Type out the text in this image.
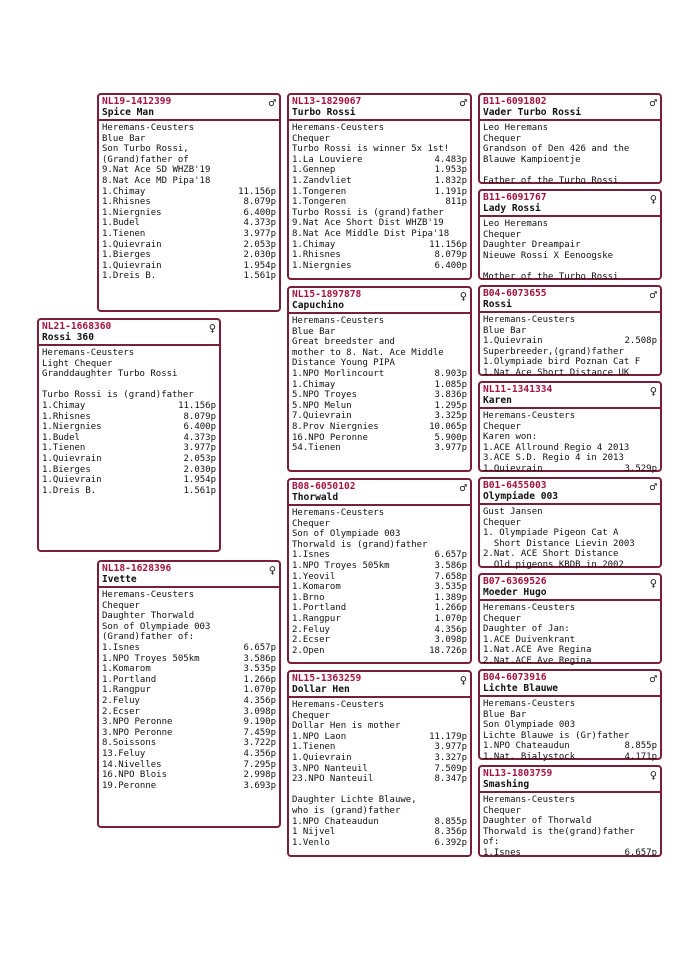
NL19-1412399
Spice Man
♂
Heremans-Ceusters
Blue Bar
Son Turbo Rossi,
(Grand)father of
9.Nat Ace SD WHZB'19
8.Nat Ace MD Pipa'18
1.Chimay	11.156p
1.Rhisnes	8.079p
1.Niergnies	6.400p
1.Budel	4.373p
1.Tienen	3.977p
1.Quievrain	2.053p
1.Bierges	2.030p
1.Quievrain	1.954p
1.Dreis B.	1.561p
NL21-1668360
Rossi 360
♀
Heremans-Ceusters
Light Chequer
Granddaughter Turbo Rossi

Turbo Rossi is (grand)father
1.Chimay	11.156p
1.Rhisnes	8.079p
1.Niergnies	6.400p
1.Budel	4.373p
1.Tienen	3.977p
1.Quievrain	2.053p
1.Bierges	2.030p
1.Quievrain	1.954p
1.Dreis B.	1.561p
NL18-1628396
Ivette
♀
Heremans-Ceusters
Chequer
Daughter Thorwald
Son of Olympiade 003
(Grand)father of:
1.Isnes	6.657p
1.NPO Troyes 505km	3.586p
1.Komarom	3.535p
1.Portland	1.266p
1.Rangpur	1.070p
2.Feluy	4.356p
2.Ecser	3.098p
3.NPO Peronne	9.190p
3.NPO Peronne	7.459p
8.Soissons	3.722p
13.Feluy	4.356p
14.Nivelles	7.295p
16.NPO Blois	2.998p
19.Peronne	3.693p
NL13-1829067
Turbo Rossi
♂
Heremans-Ceusters
Chequer
Turbo Rossi is winner 5x 1st!
1.La Louviere	4.483p
1.Gennep	1.953p
1.Zandvliet	1.832p
1.Tongeren	1.191p
1.Tongeren	811p
Turbo Rossi is (grand)father
9.Nat Ace Short Dist WHZB'19
8.Nat Ace Middle Dist Pipa'18
1.Chimay	11.156p
1.Rhisnes	8.079p
1.Niergnies	6.400p
NL15-1897878
Capuchino
♀
Heremans-Ceusters
Blue Bar
Great breedster and
mother to 8. Nat. Ace Middle
Distance Young PIPA
1.NPO Morlincourt	8.903p
1.Chimay	1.085p
5.NPO Troyes	3.836p
5.NPO Melun	1.295p
7.Quievrain	3.325p
8.Prov Niergnies	10.065p
16.NPO Peronne	5.900p
54.Tienen	3.977p
B08-6050102
Thorwald
♂
Heremans-Ceusters
Chequer
Son of Olympiade 003
Thorwald is (grand)father
1.Isnes	6.657p
1.NPO Troyes 505km	3.586p
1.Yeovil	7.658p
1.Komarom	3.535p
1.Brno	1.389p
1.Portland	1.266p
1.Rangpur	1.070p
2.Feluy	4.356p
2.Ecser	3.098p
2.Open	18.726p
NL15-1363259
Dollar Hen
♀
Heremans-Ceusters
Chequer
Dollar Hen is mother
1.NPO Laon	11.179p
1.Tienen	3.977p
1.Quievrain	3.327p
3.NPO Nanteuil	7.509p
23.NPO Nanteuil	8.347p

Daughter Lichte Blauwe,
who is (grand)father
1.NPO Chateaudun	8.855p
1 Nijvel	8.356p
1.Venlo	6.392p
B11-6091802
Vader Turbo Rossi
♂
Leo Heremans
Chequer
Grandson of Den 426 and the
Blauwe Kampioentje

Father of the Turbo Rossi
B11-6091767
Lady Rossi
♀
Leo Heremans
Chequer
Daughter Dreampair
Nieuwe Rossi X Eenoogske

Mother of the Turbo Rossi
B04-6073655
Rossi
♂
Heremans-Ceusters
Blue Bar
1.Quievrain	2.508p
Superbreeder,(grand)father
1.Olympiade bird Poznan Cat F
1.Nat Ace Short Distance UK
NL11-1341334
Karen
♀
Heremans-Ceusters
Chequer
Karen won:
1.ACE Allround Regio 4 2013
3.ACE S.D. Regio 4 in 2013
1.Quievrain	3.529p
B01-6455003
Olympiade 003
♂
Gust Jansen
Chequer
1. Olympiade Pigeon Cat A
Short Distance Lievin 2003
2.Nat. ACE Short Distance
Old pigeons KBDB in 2002
B07-6369526
Moeder Hugo
♀
Heremans-Ceusters
Chequer
Daughter of Jan:
1.ACE Duivenkrant
1.Nat.ACE Ave Regina
2.Nat.ACE Ave Regina
B04-6073916
Lichte Blauwe
♂
Heremans-Ceusters
Blue Bar
Son Olympiade 003
Lichte Blauwe is (Gr)father
1.NPO Chateaudun	8.855p
1.Nat. Bialystock	4.171p
NL13-1803759
Smashing
♀
Heremans-Ceusters
Chequer
Daughter of Thorwald
Thorwald is the(grand)father
of:
1.Isnes	6.657p
